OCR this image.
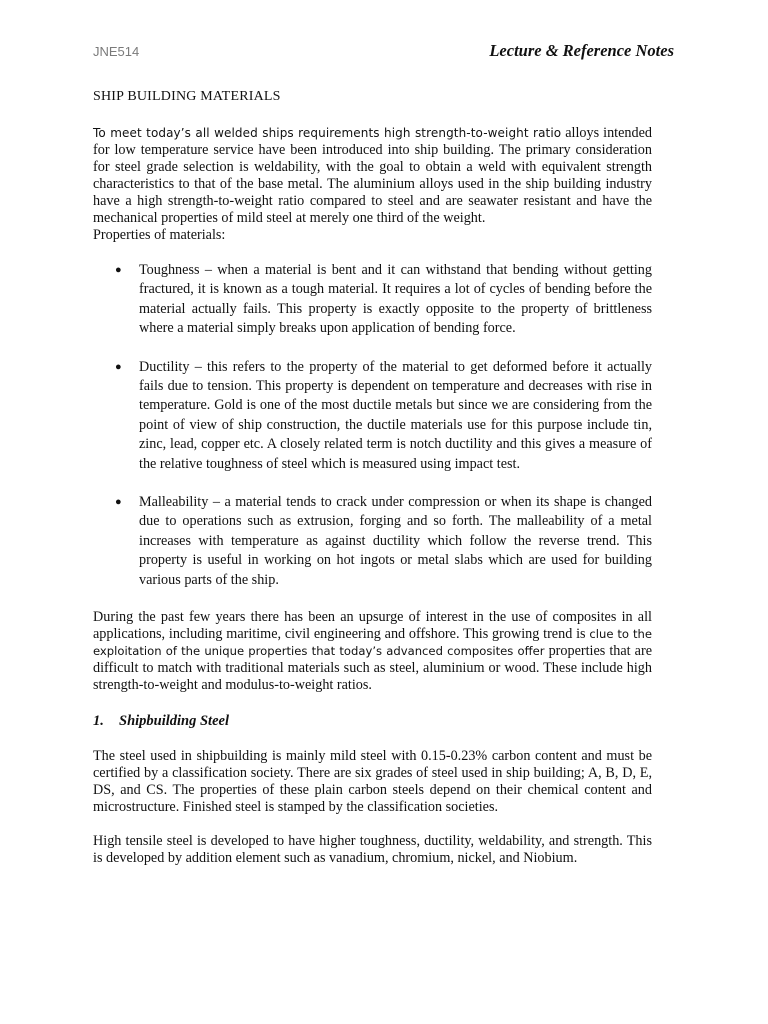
JNE514	Lecture & Reference Notes
SHIP BUILDING MATERIALS

To meet today’s all welded ships requirements high strength-to-weight ratio alloys intended for low temperature service have been introduced into ship building. The primary consideration for steel grade selection is weldability, with the goal to obtain a weld with equivalent strength characteristics to that of the base metal. The aluminium alloys used in the ship building industry have a high strength-to-weight ratio compared to steel and are seawater resistant and have the mechanical properties of mild steel at merely one third of the weight.

Properties of materials:

● Toughness – when a material is bent and it can withstand that bending without getting fractured, it is known as a tough material. It requires a lot of cycles of bending before the material actually fails. This property is exactly opposite to the property of brittleness where a material simply breaks upon application of bending force.
● Ductility – this refers to the property of the material to get deformed before it actually fails due to tension. This property is dependent on temperature and decreases with rise in temperature. Gold is one of the most ductile metals but since we are considering from the point of view of ship construction, the ductile materials use for this purpose include tin, zinc, lead, copper etc. A closely related term is notch ductility and this gives a measure of the relative toughness of steel which is measured using impact test.
● Malleability – a material tends to crack under compression or when its shape is changed due to operations such as extrusion, forging and so forth. The malleability of a metal increases with temperature as against ductility which follow the reverse trend. This property is useful in working on hot ingots or metal slabs which are used for building various parts of the ship.

During the past few years there has been an upsurge of interest in the use of composites in all applications, including maritime, civil engineering and offshore. This growing trend is clue to the exploitation of the unique properties that today’s advanced composites offer properties that are difficult to match with traditional materials such as steel, aluminium or wood. These include high strength-to-weight and modulus-to-weight ratios.

1. Shipbuilding Steel

The steel used in shipbuilding is mainly mild steel with 0.15-0.23% carbon content and must be certified by a classification society. There are six grades of steel used in ship building; A, B, D, E, DS, and CS. The properties of these plain carbon steels depend on their chemical content and microstructure. Finished steel is stamped by the classification societies.

High tensile steel is developed to have higher toughness, ductility, weldability, and strength. This is developed by addition element such as vanadium, chromium, nickel, and Niobium.
